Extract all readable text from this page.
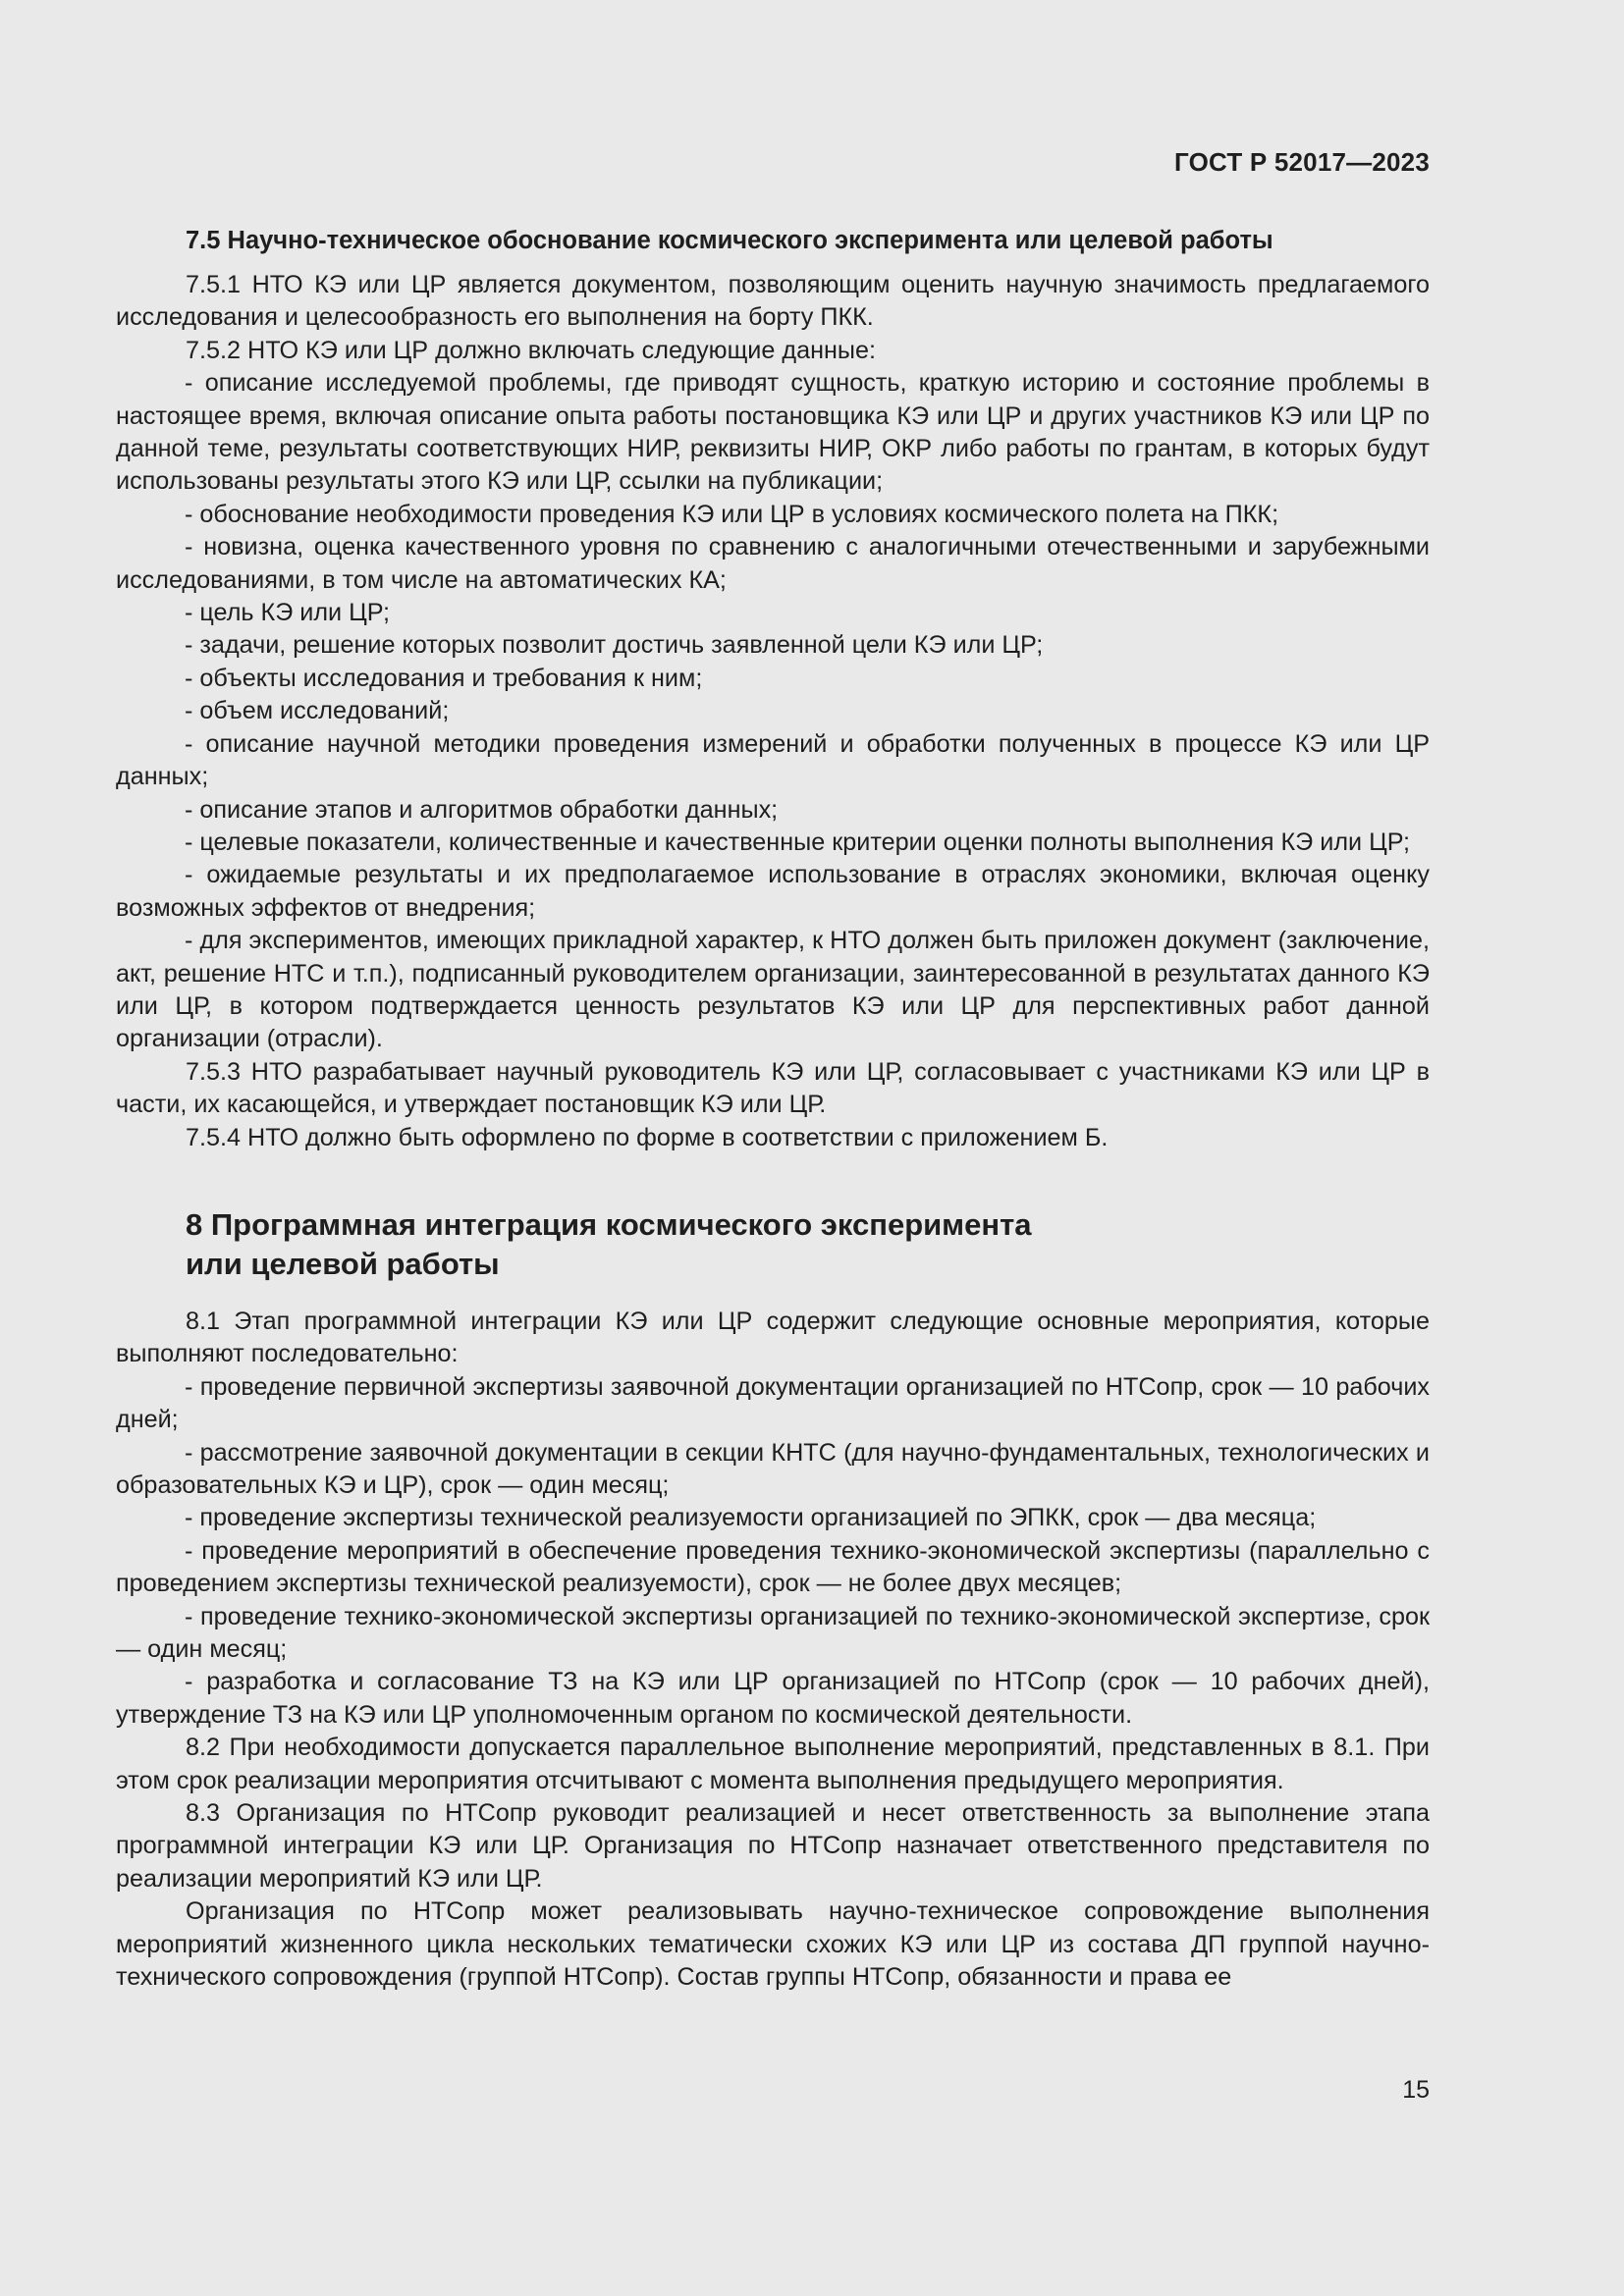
ГОСТ Р 52017—2023
7.5 Научно-техническое обоснование космического эксперимента или целевой работы

7.5.1 НТО КЭ или ЦР является документом, позволяющим оценить научную значимость предлагаемого исследования и целесообразность его выполнения на борту ПКК.

7.5.2 НТО КЭ или ЦР должно включать следующие данные:

- описание исследуемой проблемы, где приводят сущность, краткую историю и состояние проблемы в настоящее время, включая описание опыта работы постановщика КЭ или ЦР и других участников КЭ или ЦР по данной теме, результаты соответствующих НИР, реквизиты НИР, ОКР либо работы по грантам, в которых будут использованы результаты этого КЭ или ЦР, ссылки на публикации;

- обоснование необходимости проведения КЭ или ЦР в условиях космического полета на ПКК;

- новизна, оценка качественного уровня по сравнению с аналогичными отечественными и зарубежными исследованиями, в том числе на автоматических КА;

- цель КЭ или ЦР;

- задачи, решение которых позволит достичь заявленной цели КЭ или ЦР;

- объекты исследования и требования к ним;

- объем исследований;

- описание научной методики проведения измерений и обработки полученных в процессе КЭ или ЦР данных;

- описание этапов и алгоритмов обработки данных;

- целевые показатели, количественные и качественные критерии оценки полноты выполнения КЭ или ЦР;

- ожидаемые результаты и их предполагаемое использование в отраслях экономики, включая оценку возможных эффектов от внедрения;

- для экспериментов, имеющих прикладной характер, к НТО должен быть приложен документ (заключение, акт, решение НТС и т.п.), подписанный руководителем организации, заинтересованной в результатах данного КЭ или ЦР, в котором подтверждается ценность результатов КЭ или ЦР для перспективных работ данной организации (отрасли).

7.5.3 НТО разрабатывает научный руководитель КЭ или ЦР, согласовывает с участниками КЭ или ЦР в части, их касающейся, и утверждает постановщик КЭ или ЦР.

7.5.4 НТО должно быть оформлено по форме в соответствии с приложением Б.

8 Программная интеграция космического эксперимента
или целевой работы

8.1 Этап программной интеграции КЭ или ЦР содержит следующие основные мероприятия, которые выполняют последовательно:

- проведение первичной экспертизы заявочной документации организацией по НТСопр, срок — 10 рабочих дней;

- рассмотрение заявочной документации в секции КНТС (для научно-фундаментальных, технологических и образовательных КЭ и ЦР), срок — один месяц;

- проведение экспертизы технической реализуемости организацией по ЭПКК, срок — два месяца;

- проведение мероприятий в обеспечение проведения технико-экономической экспертизы (параллельно с проведением экспертизы технической реализуемости), срок — не более двух месяцев;

- проведение технико-экономической экспертизы организацией по технико-экономической экспертизе, срок — один месяц;

- разработка и согласование ТЗ на КЭ или ЦР организацией по НТСопр (срок — 10 рабочих дней), утверждение ТЗ на КЭ или ЦР уполномоченным органом по космической деятельности.

8.2 При необходимости допускается параллельное выполнение мероприятий, представленных в 8.1. При этом срок реализации мероприятия отсчитывают с момента выполнения предыдущего мероприятия.

8.3 Организация по НТСопр руководит реализацией и несет ответственность за выполнение этапа программной интеграции КЭ или ЦР. Организация по НТСопр назначает ответственного представителя по реализации мероприятий КЭ или ЦР.

Организация по НТСопр может реализовывать научно-техническое сопровождение выполнения мероприятий жизненного цикла нескольких тематически схожих КЭ или ЦР из состава ДП группой научно-технического сопровождения (группой НТСопр). Состав группы НТСопр, обязанности и права ее

15
